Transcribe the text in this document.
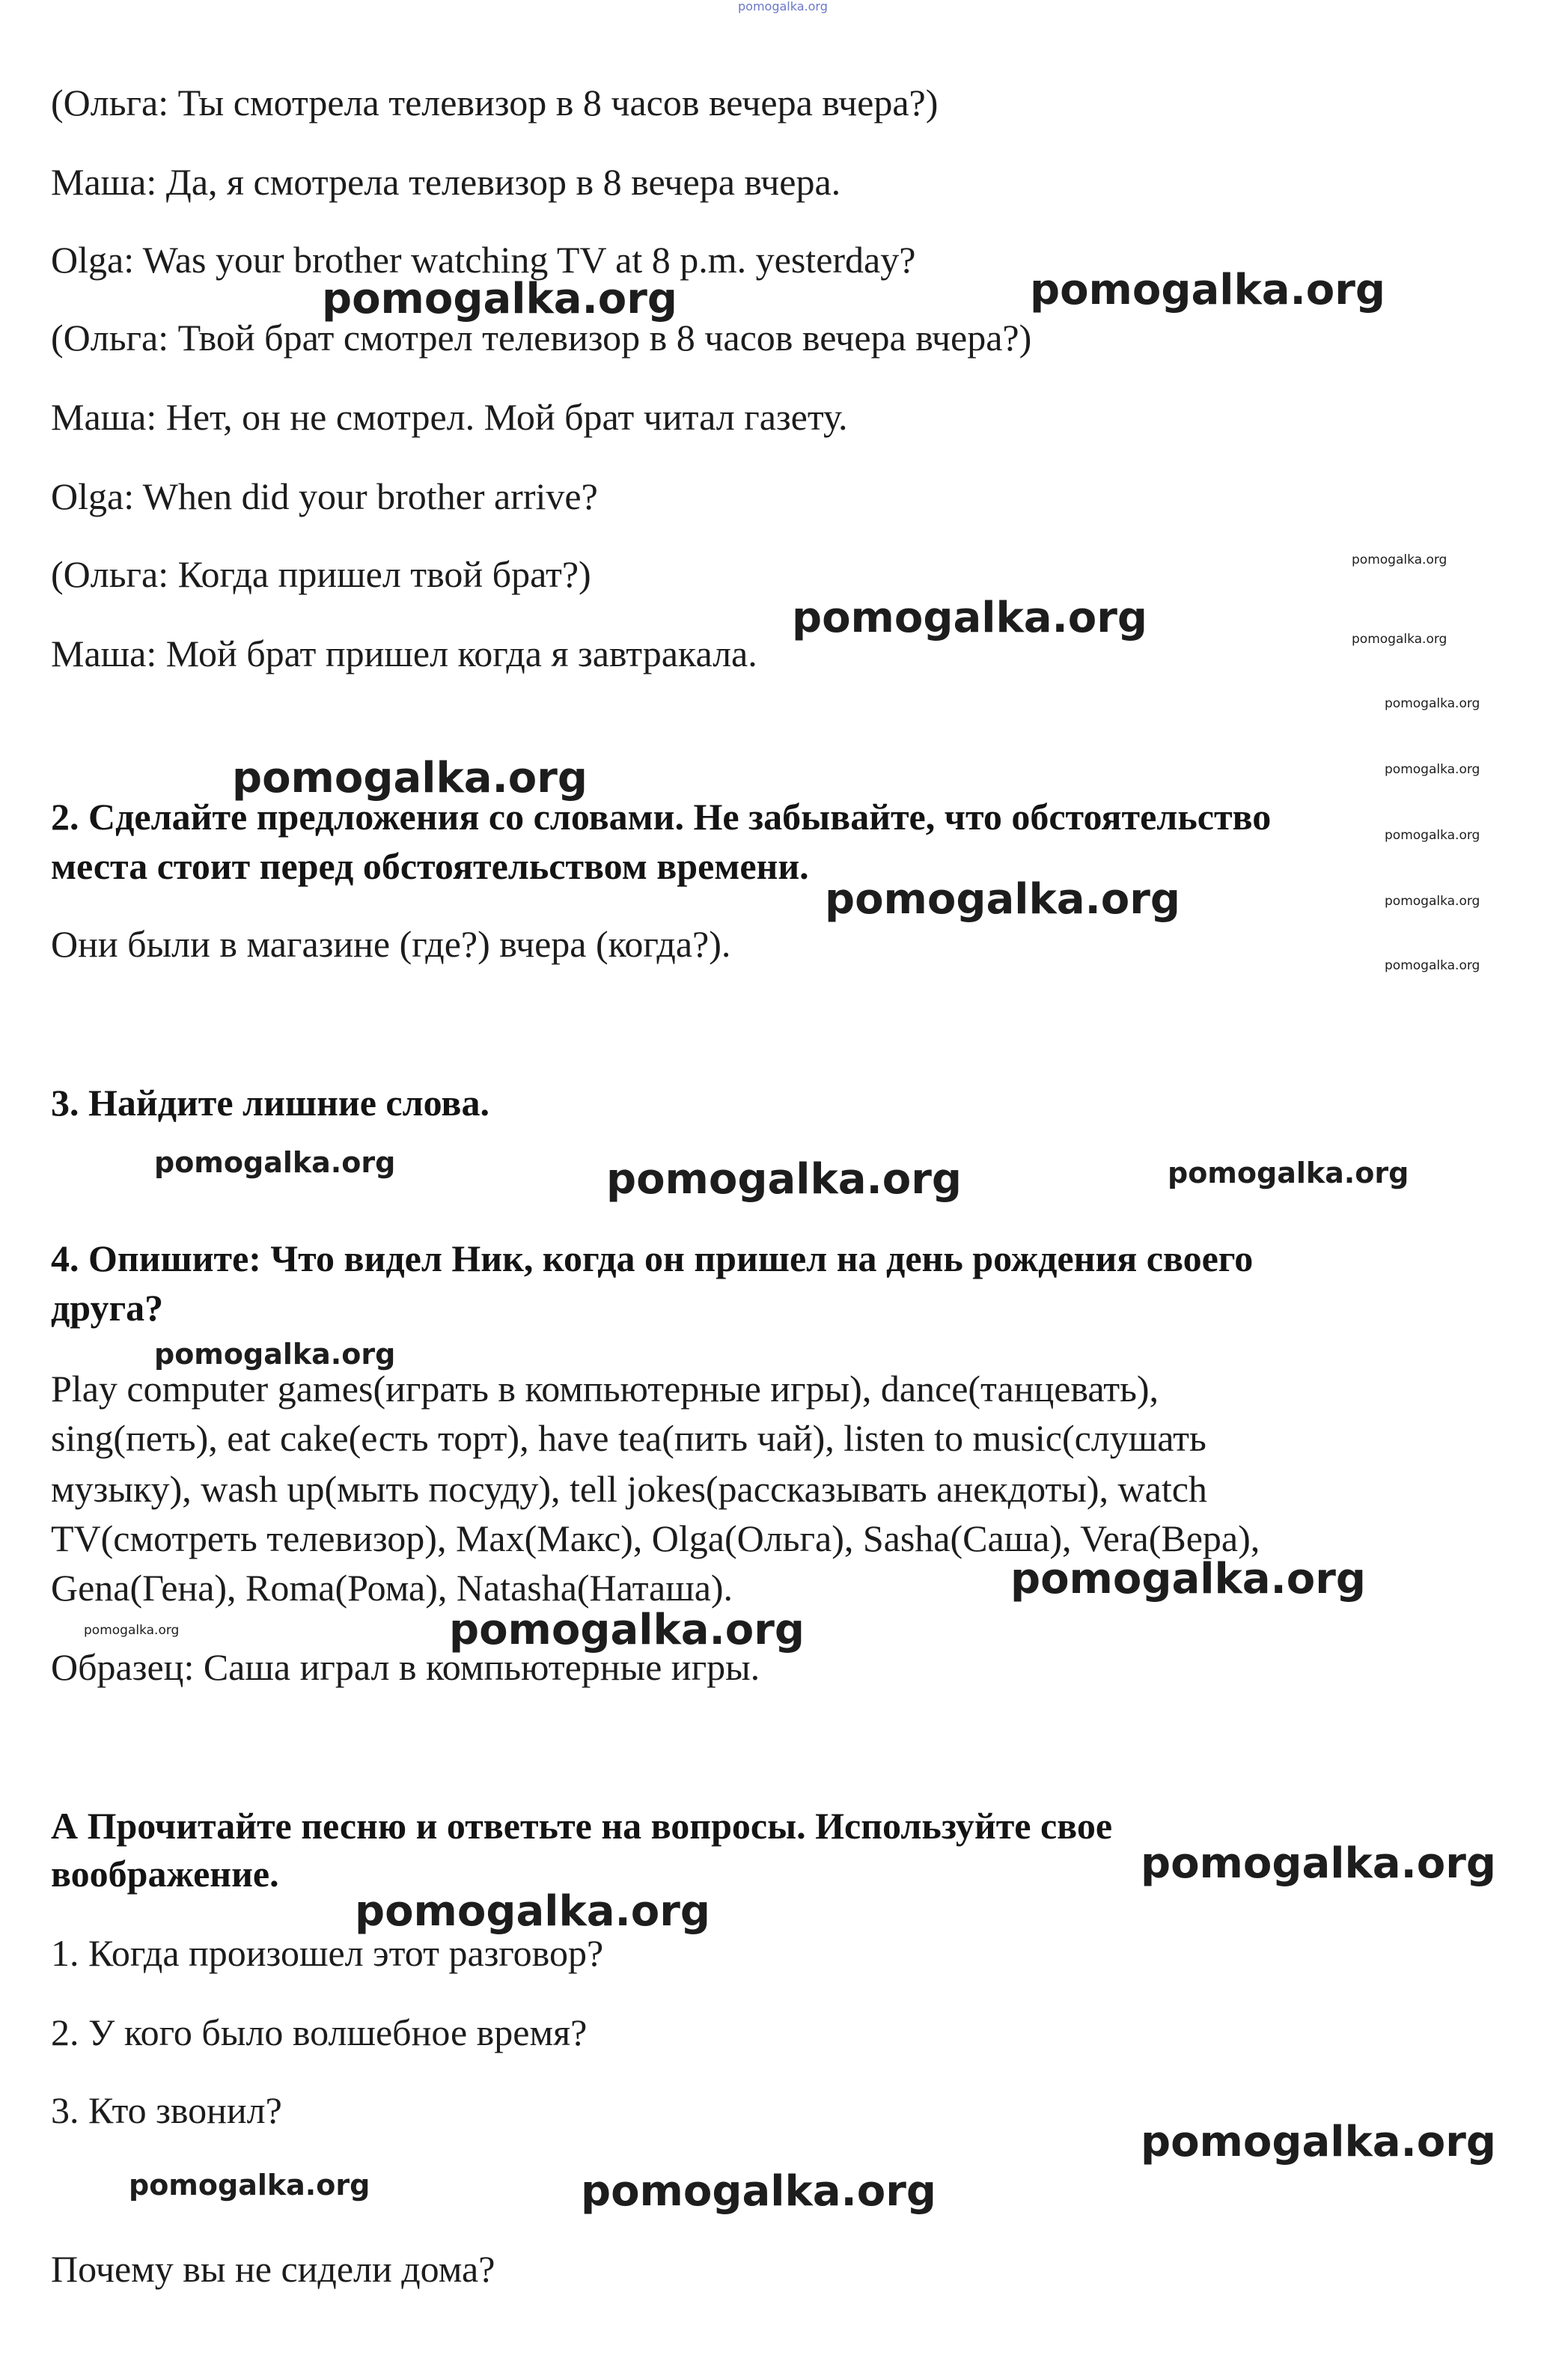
pomogalka.org
(Ольга: Ты смотрела телевизор в 8 часов вечера вчера?)
Маша: Да, я смотрела телевизор в 8 вечера вчера.
Olga: Was your brother watching TV at 8 p.m. yesterday?
(Ольга: Твой брат смотрел телевизор в 8 часов вечера вчера?)
Маша: Нет, он не смотрел. Мой брат читал газету.
Olga: When did your brother arrive?
(Ольга: Когда пришел твой брат?)
Маша: Мой брат пришел когда я завтракала.
2. Сделайте предложения со словами. Не забывайте, что обстоятельство
места стоит перед обстоятельством времени.
Они были в магазине (где?) вчера (когда?).
3. Найдите лишние слова.
4. Опишите: Что видел Ник, когда он пришел на день рождения своего
друга?
Play computer games(играть в компьютерные игры), dance(танцевать),
sing(петь), eat cake(есть торт), have tea(пить чай), listen to music(слушать
музыку), wash up(мыть посуду), tell jokes(рассказывать анекдоты), watch
TV(смотреть телевизор), Max(Макс), Olga(Ольга), Sasha(Саша), Vera(Вера),
Gena(Гена), Roma(Рома), Natasha(Наташа).
Образец: Саша играл в компьютерные игры.
А Прочитайте песню и ответьте на вопросы. Используйте свое
воображение.
1. Когда произошел этот разговор?
2. У кого было волшебное время?
3. Кто звонил?
Почему вы не сидели дома?
pomogalka.org	pomogalka.org
pomogalka.org
pomogalka.org
pomogalka.org
pomogalka.org
pomogalka.org
pomogalka.org
pomogalka.org
pomogalka.org
pomogalka.org
pomogalka.org
pomogalka.org	pomogalka.org
pomogalka.org
pomogalka.org
pomogalka.org
pomogalka.org
pomogalka.org
pomogalka.org
pomogalka.org
pomogalka.org
pomogalka.org
pomogalka.org
